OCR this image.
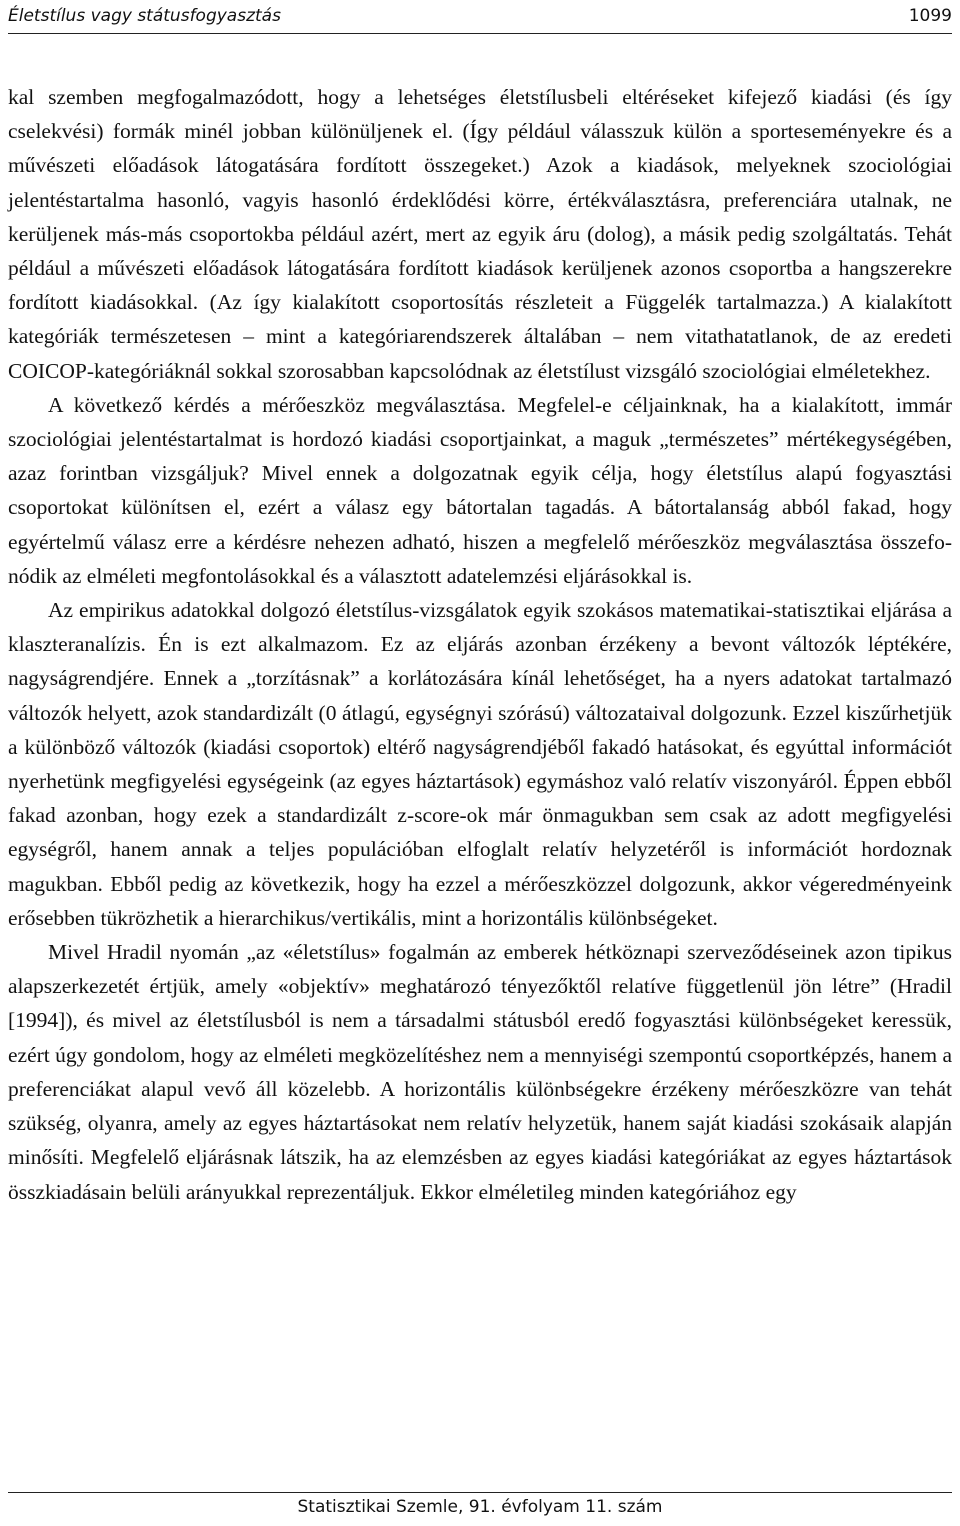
Életstílus vagy státusfogyasztás	1099

kal szemben megfogalmazódott, hogy a lehetséges életstílusbeli eltéréseket kifejező kiadási (és így cselekvési) formák minél jobban különüljenek el. (Így például válasszuk külön a sporteseményekre és a művészeti előadások látogatására fordított összegeket.) Azok a kiadások, melyeknek szociológiai jelentéstartalma hasonló, vagyis hasonló érdeklődési körre, értékválasztásra, preferenciára utalnak, ne kerüljenek más-más csoportokba például azért, mert az egyik áru (dolog), a másik pedig szolgáltatás. Tehát például a művészeti előadások látogatására fordított kiadások kerüljenek azonos csoportba a hangszerekre fordított kiadásokkal. (Az így kialakított csoportosítás részleteit a Függelék tartalmazza.) A kialakított kategóriák természetesen – mint a kategóriarendszerek általában – nem vitathatatlanok, de az eredeti COICOP-kategóriáknál sokkal szorosabban kapcsolódnak az életstílust vizsgáló szociológiai elméletekhez.

A következő kérdés a mérőeszköz megválasztása. Megfelel-e céljainknak, ha a kialakított, immár szociológiai jelentéstartalmat is hordozó kiadási csoportjainkat, a maguk „természetes” mértékegységében, azaz forintban vizsgáljuk? Mivel ennek a dolgozatnak egyik célja, hogy életstílus alapú fogyasztási csoportokat különítsen el, ezért a válasz egy bátortalan tagadás. A bátortalanság abból fakad, hogy egyértelmű válasz erre a kérdésre nehezen adható, hiszen a megfelelő mérőeszköz megválasztása összefonódik az elméleti megfontolásokkal és a választott adatelemzési eljárásokkal is.

Az empirikus adatokkal dolgozó életstílus-vizsgálatok egyik szokásos matematikai-statisztikai eljárása a klaszteranalízis. Én is ezt alkalmazom. Ez az eljárás azonban érzékeny a bevont változók léptékére, nagyságrendjére. Ennek a „torzításnak” a korlátozására kínál lehetőséget, ha a nyers adatokat tartalmazó változók helyett, azok standardizált (0 átlagú, egységnyi szórású) változataival dolgozunk. Ezzel kiszűrhetjük a különböző változók (kiadási csoportok) eltérő nagyságrendjéből fakadó hatásokat, és egyúttal információt nyerhetünk megfigyelési egységeink (az egyes háztartások) egymáshoz való relatív viszonyáról. Éppen ebből fakad azonban, hogy ezek a standardizált z-score-ok már önmagukban sem csak az adott megfigyelési egységről, hanem annak a teljes populációban elfoglalt relatív helyzetéről is információt hordoznak magukban. Ebből pedig az következik, hogy ha ezzel a mérőeszközzel dolgozunk, akkor végeredményeink erősebben tükrözhetik a hierarchikus/vertikális, mint a horizontális különbségeket.

Mivel Hradil nyomán „az «életstílus» fogalmán az emberek hétköznapi szerveződéseinek azon tipikus alapszerkezetét értjük, amely «objektív» meghatározó tényezőktől relatíve függetlenül jön létre” (Hradil [1994]), és mivel az életstílusból is nem a társadalmi státusból eredő fogyasztási különbségeket keressük, ezért úgy gondolom, hogy az elméleti megközelítéshez nem a mennyiségi szempontú csoportképzés, hanem a preferenciákat alapul vevő áll közelebb. A horizontális különbségekre érzékeny mérőeszközre van tehát szükség, olyanra, amely az egyes háztartásokat nem relatív helyzetük, hanem saját kiadási szokásaik alapján minősíti. Megfelelő eljárásnak látszik, ha az elemzésben az egyes kiadási kategóriákat az egyes háztartások összkiadásain belüli arányukkal reprezentáljuk. Ekkor elméletileg minden kategóriához egy

Statisztikai Szemle, 91. évfolyam 11. szám
